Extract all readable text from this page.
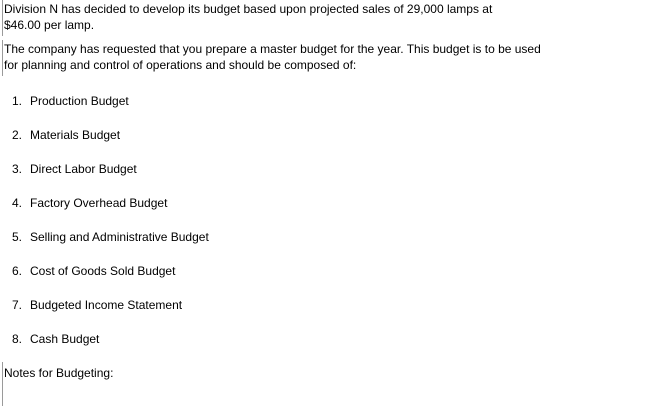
Division N has decided to develop its budget based upon projected sales of 29,000 lamps at
$46.00 per lamp.
The company has requested that you prepare a master budget for the year. This budget is to be used
for planning and control of operations and should be composed of:
1. Production Budget
2. Materials Budget
3. Direct Labor Budget
4. Factory Overhead Budget
5. Selling and Administrative Budget
6. Cost of Goods Sold Budget
7. Budgeted Income Statement
8. Cash Budget
Notes for Budgeting:
